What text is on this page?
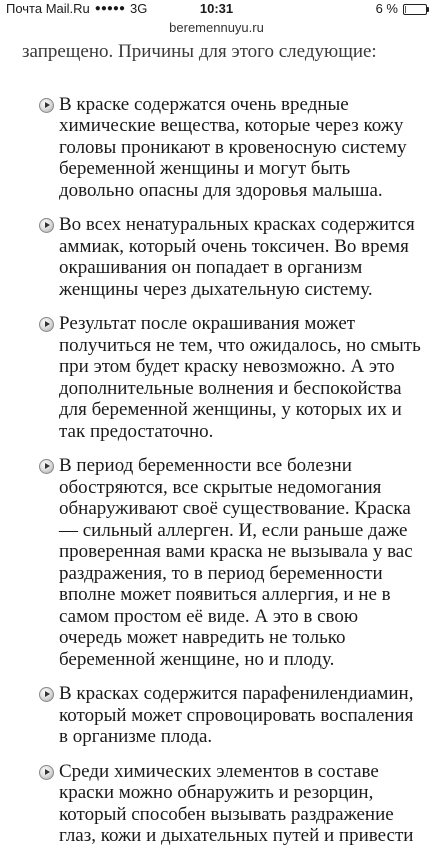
Почта Mail.Ru ●●●●● 3G	10:31	6 %
beremennuyu.ru

запрещено. Причины для этого следующие:

В краске содержатся очень вредные химические вещества, которые через кожу головы проникают в кровеносную систему беременной женщины и могут быть довольно опасны для здоровья малыша.
Во всех ненатуральных красках содержится аммиак, который очень токсичен. Во время окрашивания он попадает в организм женщины через дыхательную систему.
Результат после окрашивания может получиться не тем, что ожидалось, но смыть при этом будет краску невозможно. А это дополнительные волнения и беспокойства для беременной женщины, у которых их и так предостаточно.
В период беременности все болезни обостряются, все скрытые недомогания обнаруживают своё существование. Краска — сильный аллерген. И, если раньше даже проверенная вами краска не вызывала у вас раздражения, то в период беременности вполне может появиться аллергия, и не в самом простом её виде. А это в свою очередь может навредить не только беременной женщине, но и плоду.
В красках содержится парафенилендиамин, который может спровоцировать воспаления в организме плода.
Среди химических элементов в составе краски можно обнаружить и резорцин, который способен вызывать раздражение глаз, кожи и дыхательных путей и привести
